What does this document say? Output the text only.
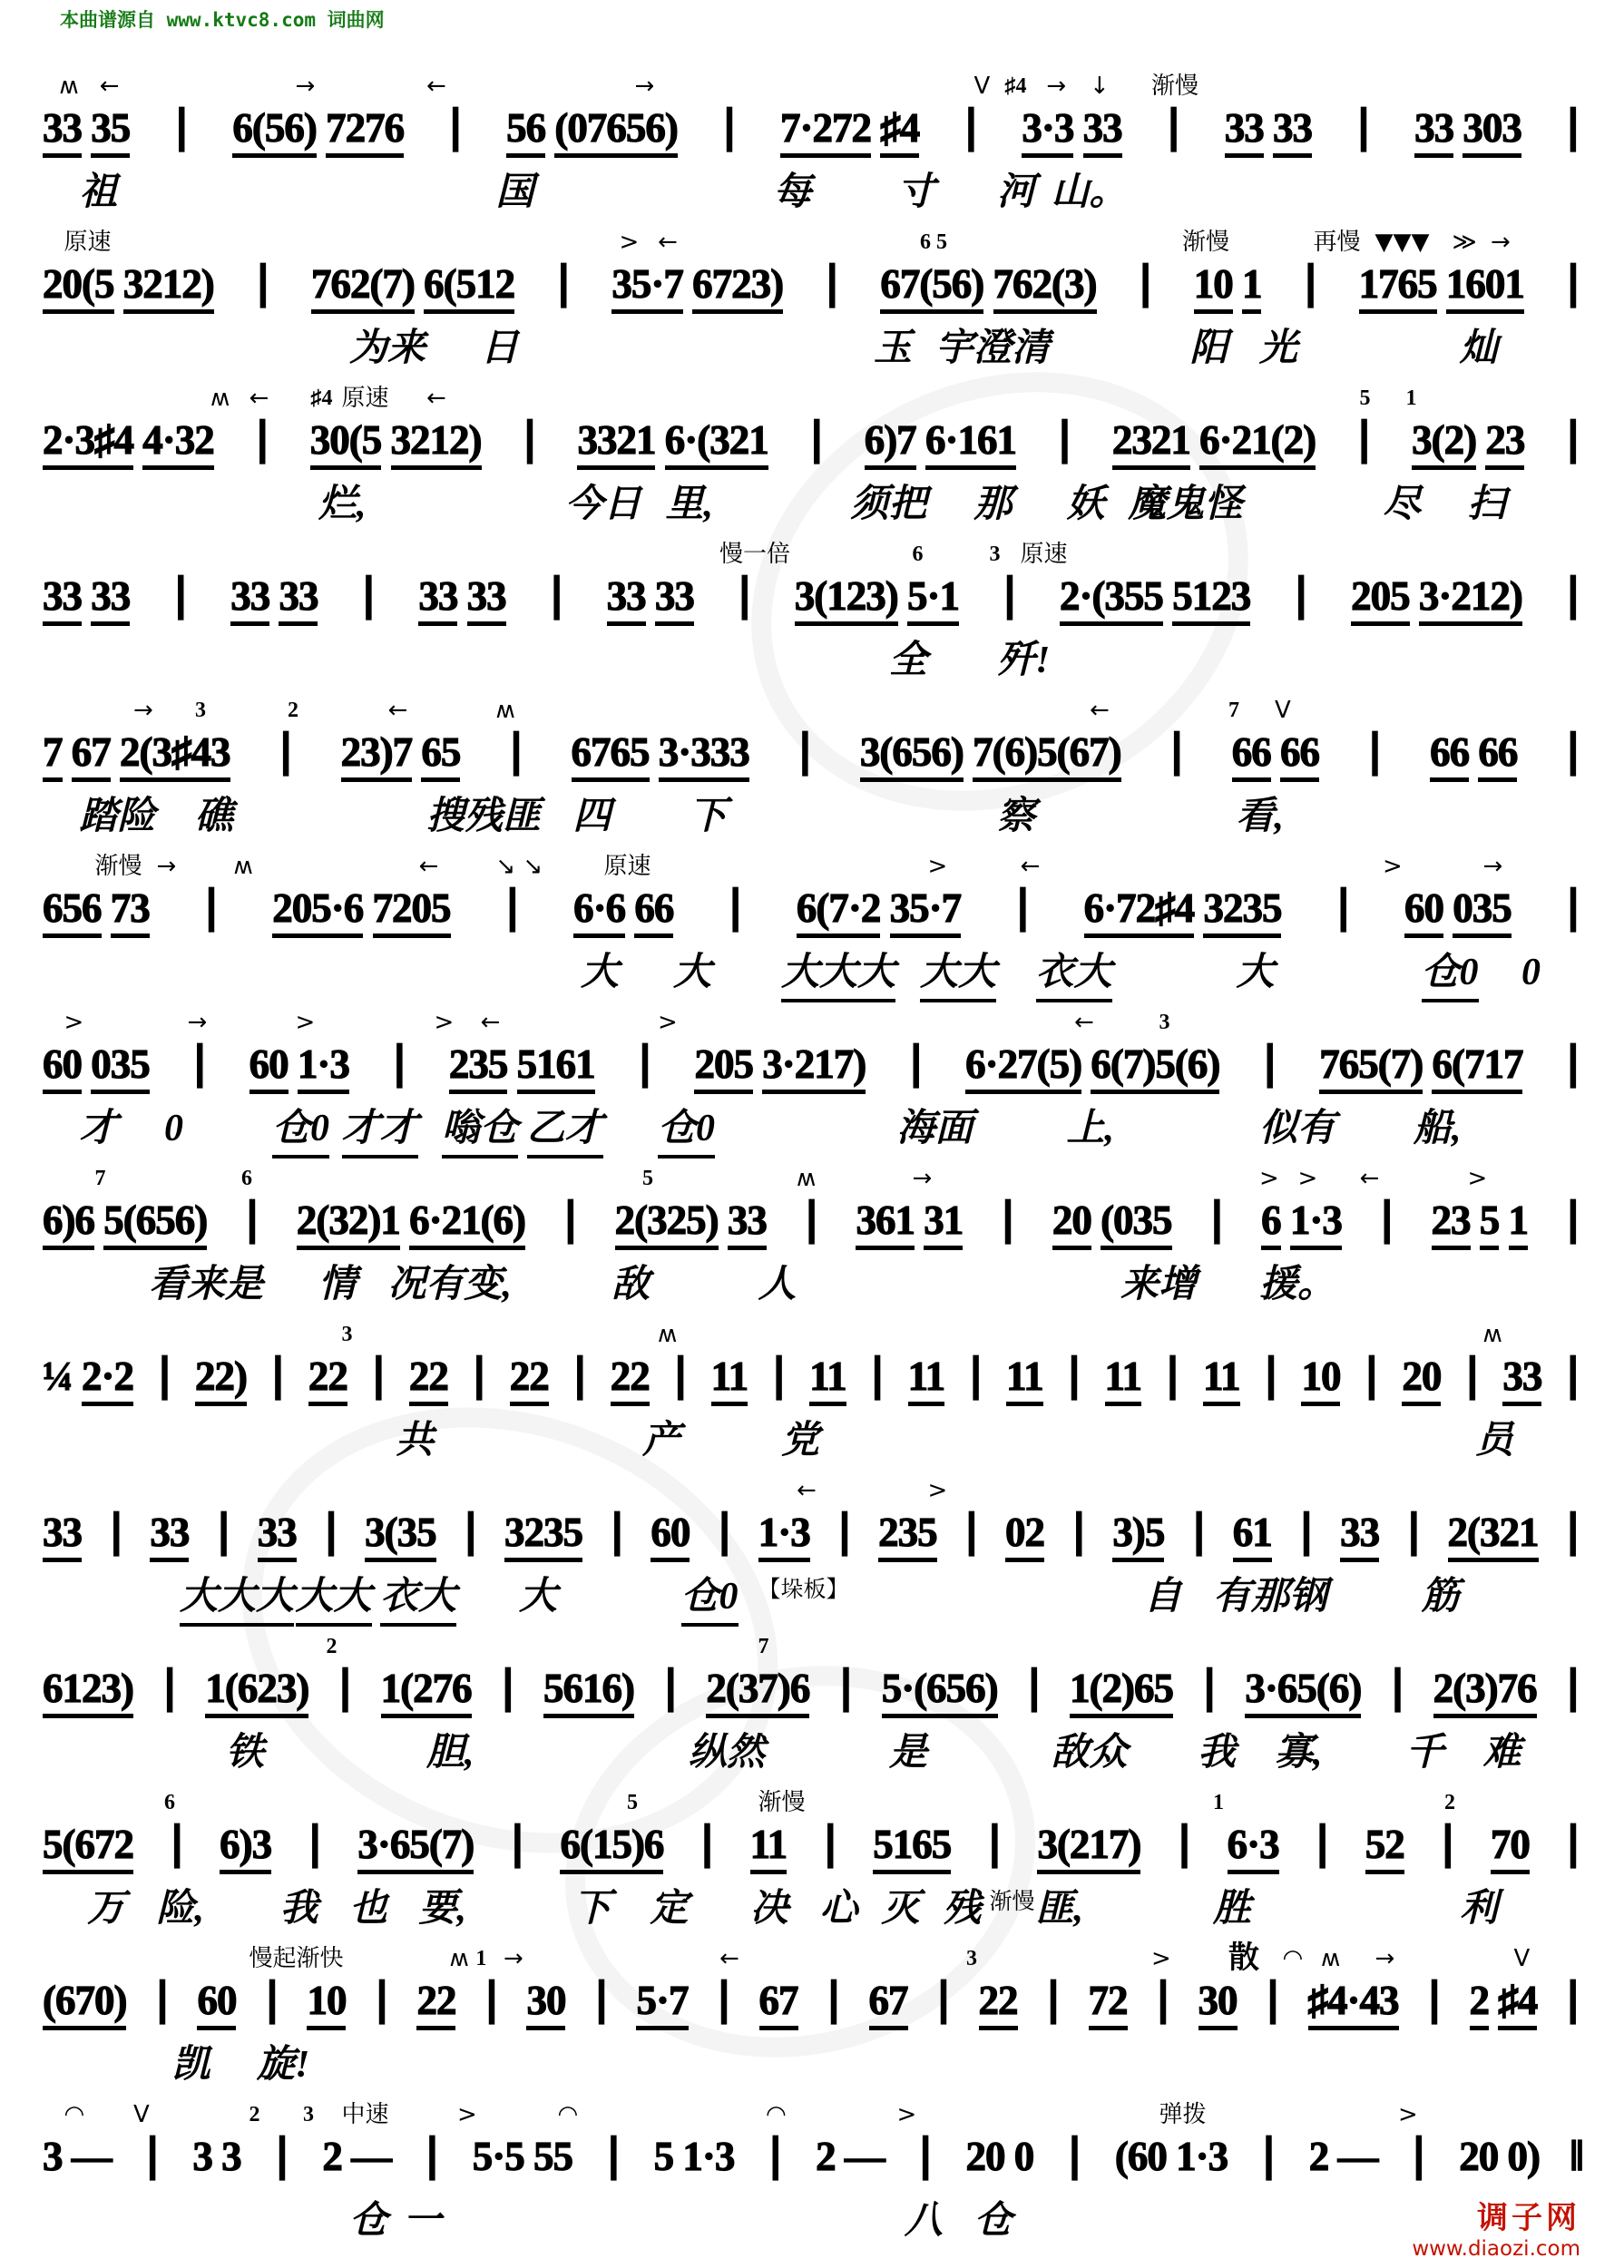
本曲谱源自 www.ktvc8.com 词曲网
ʍ ←	→	←	→	V ♯4 → ↓ 渐慢
33 35 ∣ 6(56) 7276 ∣ 56 (07656) ∣ 7·272 ♯4 ∣ 3·3 33 ∣ 33 33 ∣ 33 303 ∣
祖	国	每 寸 河 山。
原速	> ←	6 5	渐慢	再慢 ▼▼▼ ≫ →
20(5 3212) ∣ 762(7) 6(512 ∣ 35·7 6723) ∣ 67(56) 762(3) ∣ 10 1 ∣ 1765 1601 ∣
为来 日	玉 宇澄清	阳 光	灿
ʍ ← ♯4 原速 ←	5 1
2·3♯4 4·32 ∣ 30(5 3212) ∣ 3321 6·(321 ∣ 6)7 6·161 ∣ 2321 6·21(2) ∣ 3(2) 23 ∣
烂,	今日 里,	须把 那 妖 魔鬼怪	尽 扫
慢一倍	6	3 原速
33 33 ∣ 33 33 ∣ 33 33 ∣ 33 33 ∣ 3(123) 5·1 ∣ 2·(355 5123 ∣ 205 3·212) ∣
全 歼!
→ 3	2	←	ʍ	←	7 V
7 67 2(3♯43 ∣ 23)7 65 ∣ 6765 3·333 ∣ 3(656) 7(6)5(67) ∣ 66 66 ∣ 66 66 ∣
踏险 礁	搜残匪 四 下	察	看,
渐慢 → ʍ	← ↘ ↘	原速	>	←	>	→
656 73 ∣ 205·6 7205 ∣ 6·6 66 ∣ 6(7·2 35·7 ∣ 6·72♯4 3235 ∣ 60 035 ∣
大 大 大大大 大大 衣大	大	仓0 0
>	→	>	> ←	>	←	3
60 035 ∣ 60 1·3 ∣ 235 5161 ∣ 205 3·217) ∣ 6·27(5) 6(7)5(6) ∣ 765(7) 6(717 ∣
才 0 仓0 才才 嗡仓 乙才 仓0	海面 上,	似有 船,
7	6	5	ʍ	→	> > ←	>
6)6 5(656) ∣ 2(32)1 6·21(6) ∣ 2(325) 33 ∣ 361 31 ∣ 20 (035 ∣ 6 1·3 ∣ 23 5 1 ∣
看来是 情 况有变,	敌	人	来增 援。
3	ʍ	ʍ
¼ 2·2 ∣ 22) ∣ 22 ∣ 22 ∣ 22 ∣ 22 ∣ 11 ∣ 11 ∣ 11 ∣ 11 ∣ 11 ∣ 11 ∣ 10 ∣ 20 ∣ 33 ∣
共	产	党	员
←	>
33 ∣ 33 ∣ 33 ∣ 3(35 ∣ 3235 ∣ 60 ∣ 1·3 ∣ 235 ∣ 02 ∣ 3)5 ∣ 61 ∣ 33 ∣ 2(321 ∣
大大大 大大 衣大 大	仓0 【垛板】	自 有那钢 筋
2	7
6123) ∣ 1(623) ∣ 1(276 ∣ 5616) ∣ 2(37)6 ∣ 5·(656) ∣ 1(2)65 ∣ 3·65(6) ∣ 2(3)76 ∣
铁	胆,	纵然	是	敌众 我 寡, 千 难
6	5	渐慢	1	2
5(672 ∣ 6)3 ∣ 3·65(7) ∣ 6(15)6 ∣ 11 ∣ 5165 ∣ 3(217) ∣ 6·3 ∣ 52 ∣ 70 ∣
万 险, 我 也 要,	下 定 决 心 灭 残 渐慢 匪,	胜	利
慢起渐快	ʍ 1 →	←	3	> 散 ◠ ʍ →	V
(670) ∣ 60 ∣ 10 ∣ 22 ∣ 30 ∣ 5·7 ∣ 67 ∣ 67 ∣ 22 ∣ 72 ∣ 30 ∣ ♯4·43 ∣ 2 ♯4 ∣
凯 旋!
◠ V	2 3 中速	>	◠	◠	>	弹拨	>
3 — ∣ 3 3 ∣ 2 — ∣ 5·5 55 ∣ 5 1·3 ∣ 2 — ∣ 20 0 ∣ (60 1·3 ∣ 2 — ∣ 20 0) ‖
仓 一	八 仓	调子网
www.diaozi.com
